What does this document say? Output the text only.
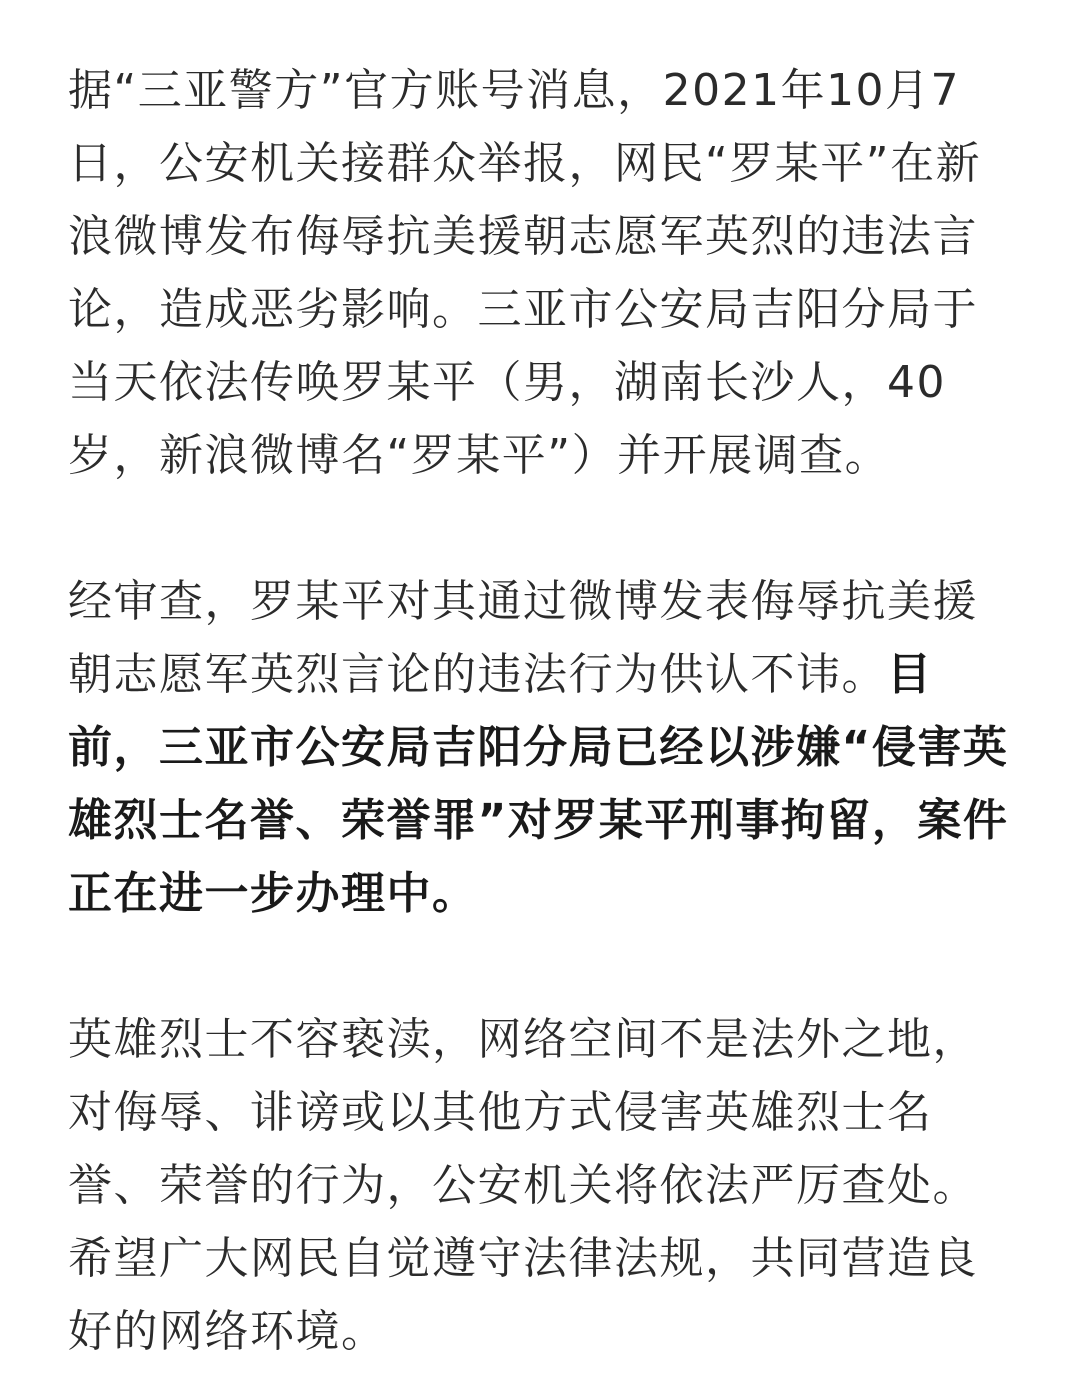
据“三亚警方”官方账号消息，2021年10月7日，公安机关接群众举报，网民“罗某平”在新浪微博发布侮辱抗美援朝志愿军英烈的违法言论，造成恶劣影响。三亚市公安局吉阳分局于当天依法传唤罗某平（男，湖南长沙人，40岁，新浪微博名“罗某平”）并开展调查。

经审查，罗某平对其通过微博发表侮辱抗美援朝志愿军英烈言论的违法行为供认不讳。目前，三亚市公安局吉阳分局已经以涉嫌“侵害英雄烈士名誉、荣誉罪”对罗某平刑事拘留，案件正在进一步办理中。

英雄烈士不容亵渎，网络空间不是法外之地，对侮辱、诽谤或以其他方式侵害英雄烈士名誉、荣誉的行为，公安机关将依法严厉查处。希望广大网民自觉遵守法律法规，共同营造良好的网络环境。
